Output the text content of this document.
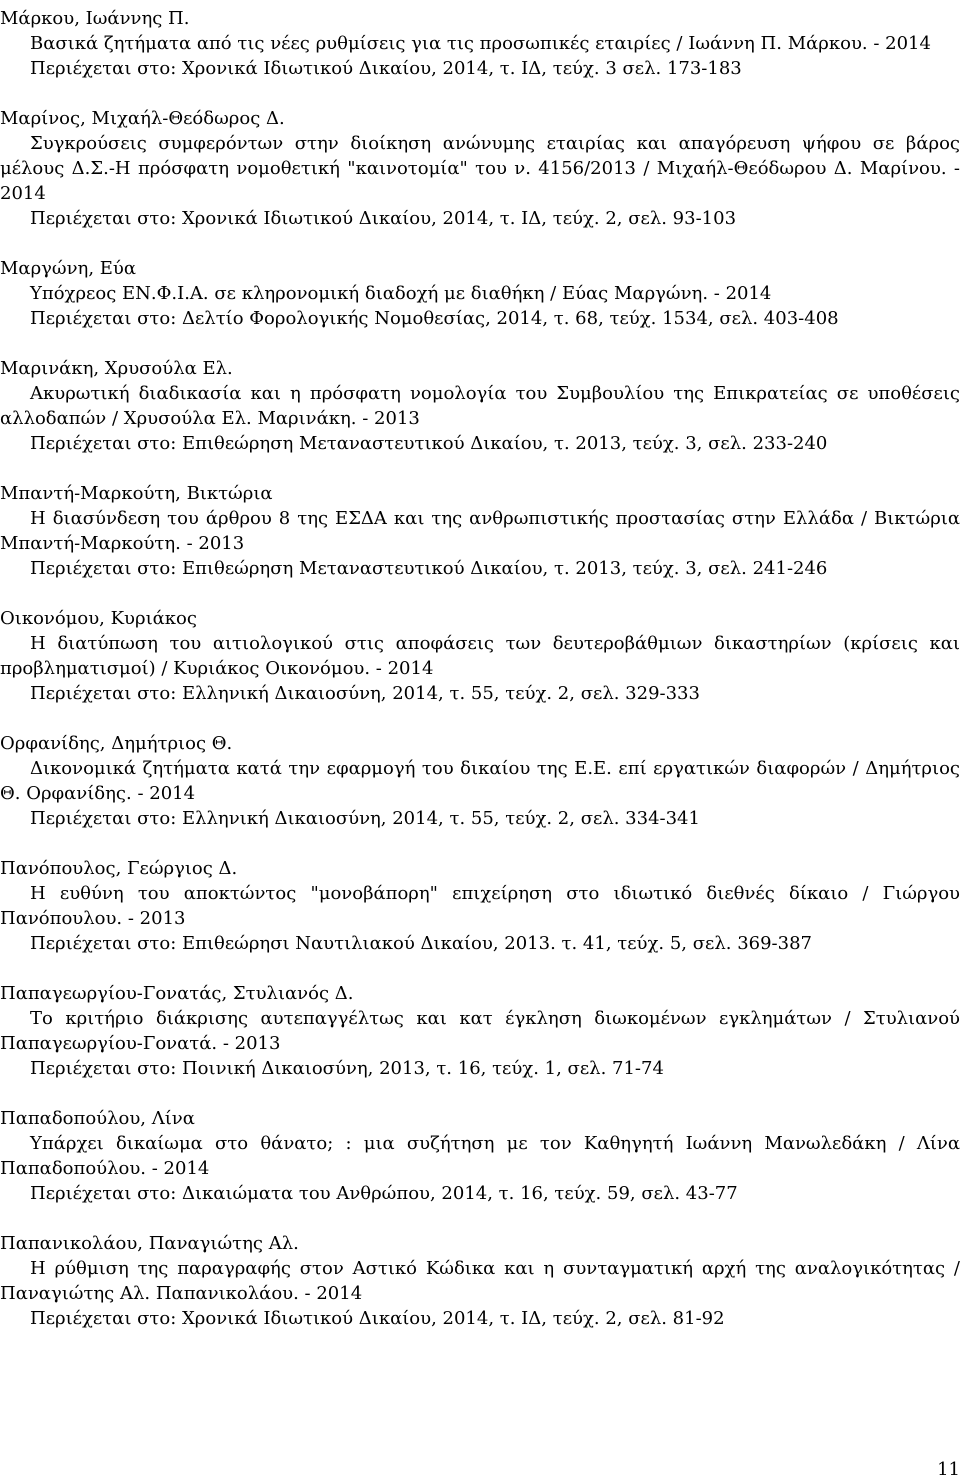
Μάρκου, Ιωάννης Π.

Βασικά ζητήματα από τις νέες ρυθμίσεις για τις προσωπικές εταιρίες / Ιωάννη Π. Μάρκου. - 2014

Περιέχεται στο: Χρονικά Ιδιωτικού Δικαίου, 2014, τ. ΙΔ, τεύχ. 3 σελ. 173-183

Μαρίνος, Μιχαήλ-Θεόδωρος Δ.

Συγκρούσεις συμφερόντων στην διοίκηση ανώνυμης εταιρίας και απαγόρευση ψήφου σε βάρος μέλους Δ.Σ.-Η πρόσφατη νομοθετική "καινοτομία" του ν. 4156/2013 / Μιχαήλ-Θεόδωρου Δ. Μαρίνου. - 2014

Περιέχεται στο: Χρονικά Ιδιωτικού Δικαίου, 2014, τ. ΙΔ, τεύχ. 2, σελ. 93-103

Μαργώνη, Εύα

Υπόχρεος ΕΝ.Φ.Ι.Α. σε κληρονομική διαδοχή με διαθήκη / Εύας Μαργώνη. - 2014

Περιέχεται στο: Δελτίο Φορολογικής Νομοθεσίας, 2014, τ. 68, τεύχ. 1534, σελ. 403-408

Μαρινάκη, Χρυσούλα Ελ.

Ακυρωτική διαδικασία και η πρόσφατη νομολογία του Συμβουλίου της Επικρατείας σε υποθέσεις αλλοδαπών / Χρυσούλα Ελ. Μαρινάκη. - 2013

Περιέχεται στο: Επιθεώρηση Μεταναστευτικού Δικαίου, τ. 2013, τεύχ. 3, σελ. 233-240

Μπαντή-Μαρκούτη, Βικτώρια

Η διασύνδεση του άρθρου 8 της ΕΣΔΑ και της ανθρωπιστικής προστασίας στην Ελλάδα / Βικτώρια Μπαντή-Μαρκούτη. - 2013

Περιέχεται στο: Επιθεώρηση Μεταναστευτικού Δικαίου, τ. 2013, τεύχ. 3, σελ. 241-246

Οικονόμου, Κυριάκος

Η διατύπωση του αιτιολογικού στις αποφάσεις των δευτεροβάθμιων δικαστηρίων (κρίσεις και προβληματισμοί) / Κυριάκος Οικονόμου. - 2014

Περιέχεται στο: Ελληνική Δικαιοσύνη, 2014, τ. 55, τεύχ. 2, σελ. 329-333

Ορφανίδης, Δημήτριος Θ.

Δικονομικά ζητήματα κατά την εφαρμογή του δικαίου της Ε.Ε. επί εργατικών διαφορών / Δημήτριος Θ. Ορφανίδης. - 2014

Περιέχεται στο: Ελληνική Δικαιοσύνη, 2014, τ. 55, τεύχ. 2, σελ. 334-341

Πανόπουλος, Γεώργιος Δ.

Η ευθύνη του αποκτώντος "μονοβάπορη" επιχείρηση στο ιδιωτικό διεθνές δίκαιο / Γιώργου Πανόπουλου. - 2013

Περιέχεται στο: Επιθεώρησι Ναυτιλιακού Δικαίου, 2013. τ. 41, τεύχ. 5, σελ. 369-387

Παπαγεωργίου-Γονατάς, Στυλιανός Δ.

Το κριτήριο διάκρισης αυτεπαγγέλτως και κατ έγκληση διωκομένων εγκλημάτων / Στυλιανού Παπαγεωργίου-Γονατά. - 2013

Περιέχεται στο: Ποινική Δικαιοσύνη, 2013, τ. 16, τεύχ. 1, σελ. 71-74

Παπαδοπούλου, Λίνα

Υπάρχει δικαίωμα στο θάνατο; : μια συζήτηση με τον Καθηγητή Ιωάννη Μανωλεδάκη / Λίνα Παπαδοπούλου. - 2014

Περιέχεται στο: Δικαιώματα του Ανθρώπου, 2014, τ. 16, τεύχ. 59, σελ. 43-77

Παπανικολάου, Παναγιώτης Αλ.

Η ρύθμιση της παραγραφής στον Αστικό Κώδικα και η συνταγματική αρχή της αναλογικότητας / Παναγιώτης Αλ. Παπανικολάου. - 2014

Περιέχεται στο: Χρονικά Ιδιωτικού Δικαίου, 2014, τ. ΙΔ, τεύχ. 2, σελ. 81-92

11
